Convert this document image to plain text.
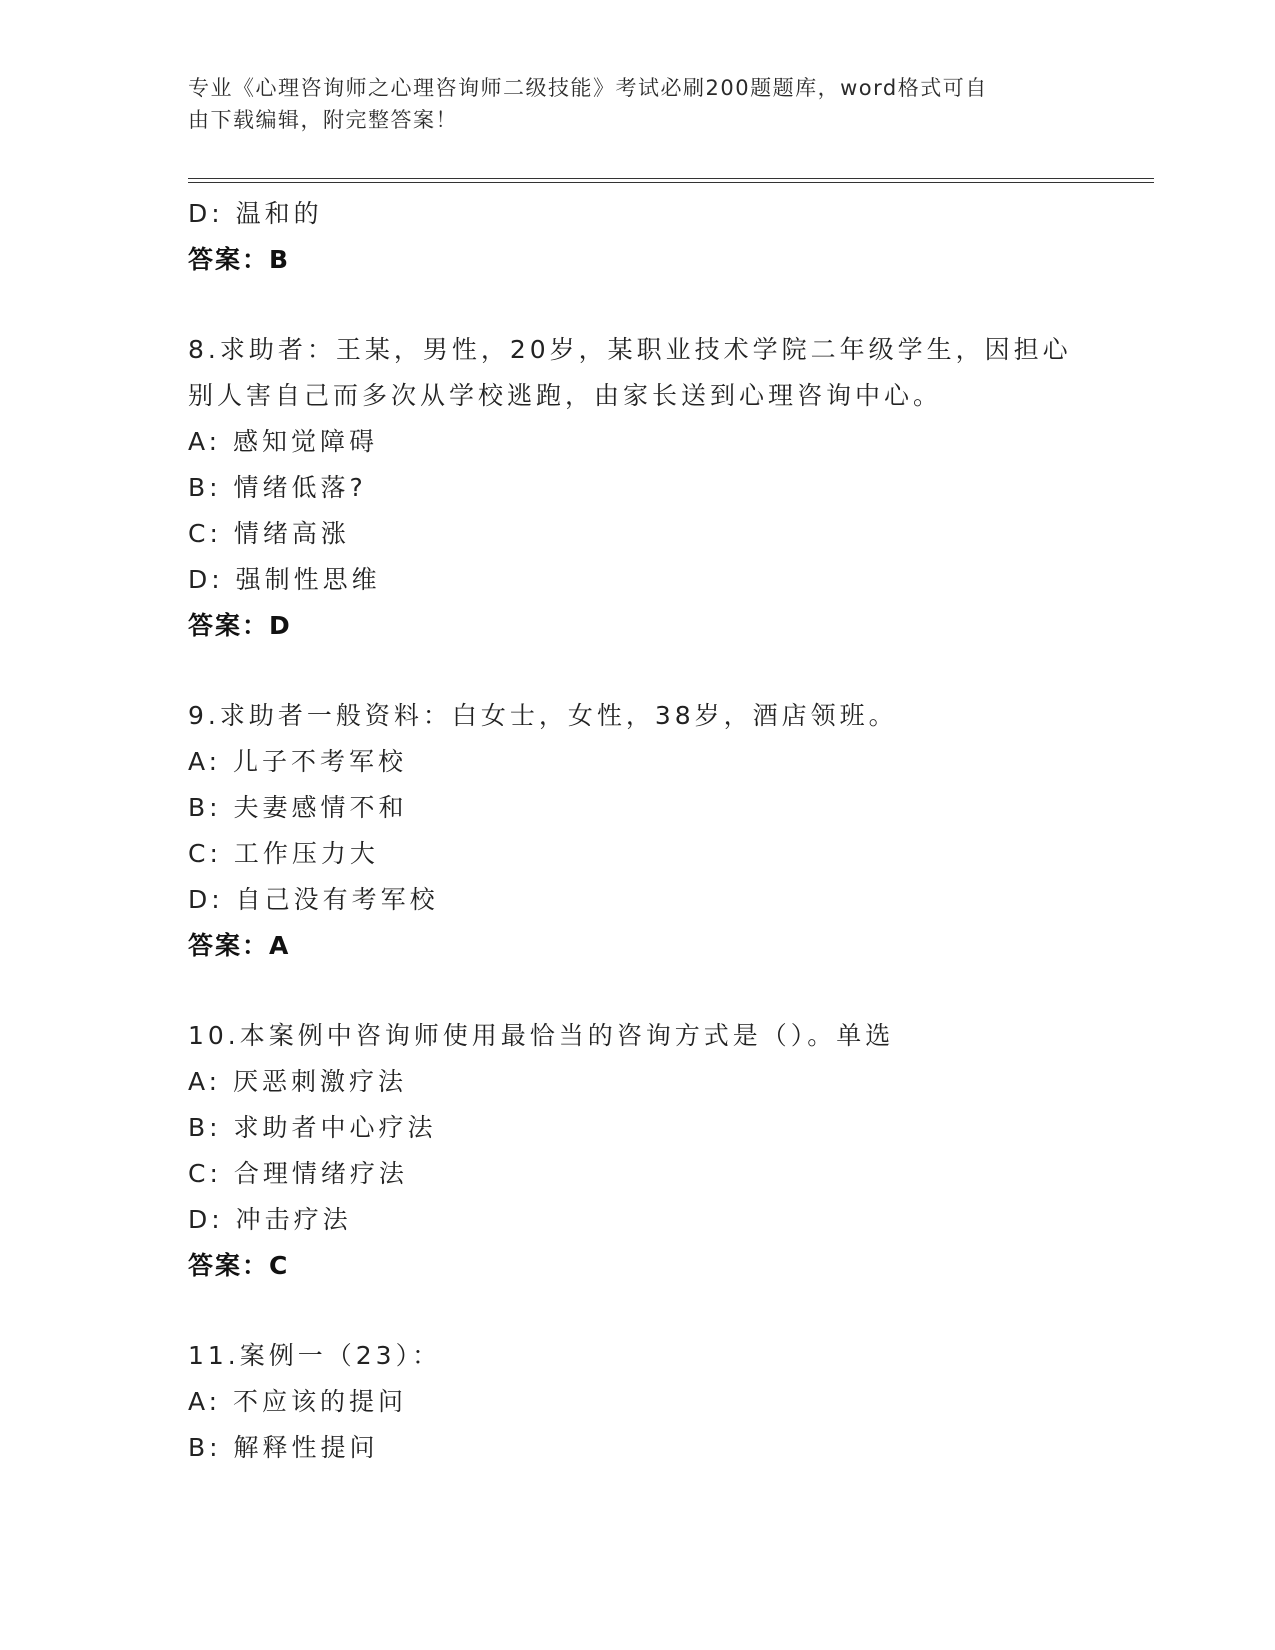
专业《心理咨询师之心理咨询师二级技能》考试必刷200题题库，word格式可自
由下载编辑，附完整答案！
D: 温和的
答案：B
8.求助者：王某，男性，20岁，某职业技术学院二年级学生，因担心
别人害自己而多次从学校逃跑，由家长送到心理咨询中心。
A: 感知觉障碍
B: 情绪低落?
C: 情绪高涨
D: 强制性思维
答案：D
9.求助者一般资料：白女士，女性，38岁，酒店领班。
A: 儿子不考军校
B: 夫妻感情不和
C: 工作压力大
D: 自己没有考军校
答案：A
10.本案例中咨询师使用最恰当的咨询方式是（）。单选
A: 厌恶刺激疗法
B: 求助者中心疗法
C: 合理情绪疗法
D: 冲击疗法
答案：C
11.案例一（23）：
A: 不应该的提问
B: 解释性提问
